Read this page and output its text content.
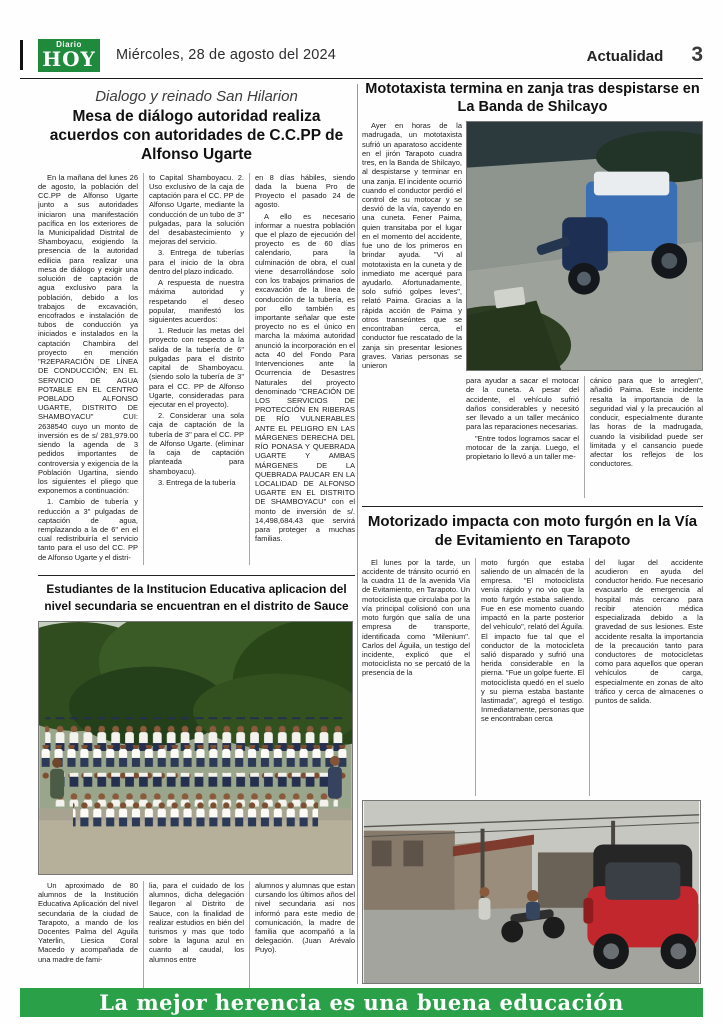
Diario
HOY Miércoles, 28 de agosto del 2024	Actualidad 3
Dialogo y reinado San Hilarion
Mesa de diálogo autoridad realiza acuerdos con autoridades de C.C.PP de Alfonso Ugarte

En la mañana del lunes 26 de agosto, la población del CC.PP de Alfonso Ugarte junto a sus autoridades iniciaron una manifestación pacífica en los exteriores de la Municipalidad Distrital de Shamboyacu, exigiendo la presencia de la autoridad edilicia para realizar una mesa de diálogo y exigir una solución de captación de agua exclusivo para la población, debido a los trabajos de excavación, encofrados e instalación de tubos de conducción ya iniciados e instalados en la captación Chambira del proyecto en mención "R2EPARACIÓN DE LÍNEA DE CONDUCCIÓN; EN EL SERVICIO DE AGUA POTABLE EN EL CENTRO POBLADO ALFONSO UGARTE, DISTRITO DE SHAMBOYACU" CUI: 2638540 cuyo un monto de inversión es de s/ 281,979.00 siendo la agenda de 3 pedidos importantes de controversia y exigencia de la Población Ugartina, siendo los siguientes el pliego que exponemos a continuación:

1. Cambio de tubería y reducción a 3" pulgadas de captación de agua, remplazando a la de 6" en el cual redistribuiría el servicio tanto para el uso del CC. PP de Alfonso Ugarte y el distri-

to Capital Shamboyacu. 2. Uso exclusivo de la caja de captación para el CC. PP de Alfonso Ugarte, mediante la conducción de un tubo de 3" pulgadas, para la solución del desabastecimiento y mejoras del servicio.

3. Entrega de tuberías para el inicio de la obra dentro del plazo indicado.

A respuesta de nuestra máxima autoridad y respetando el deseo popular, manifestó los siguientes acuerdos:

1. Reducir las metas del proyecto con respecto a la salida de la tubería de 6" pulgadas para el distrito capital de Shamboyacu. (siendo solo la tubería de 3" para el CC. PP de Alfonso Ugarte, consideradas para ejecutar en el proyecto).

2. Considerar una sola caja de captación de la tubería de 3" para el CC. PP de Alfonso Ugarte. (eliminar la caja de captación planteada para shamboyacu).

3. Entrega de la tubería

en 8 días hábiles, siendo dada la buena Pro de Proyecto el pasado 24 de agosto.

A ello es necesario informar a nuestra población que el plazo de ejecución del proyecto es de 60 días calendario, para la culminación de obra, el cual viene desarrollándose solo con los trabajos primarios de excavación de la línea de conducción de la tubería, es por ello también es importante señalar que este proyecto no es el único en marcha la máxima autoridad anunció la incorporación en el acta 40 del Fondo Para Intervenciones ante la Ocurrencia de Desastres Naturales del proyecto denominado "CREACIÓN DE LOS SERVICIOS DE PROTECCIÓN EN RIBERAS DE RÍO VULNERABLES ANTE EL PELIGRO EN LAS MÁRGENES DERECHA DEL RÍO PONASA Y QUEBRADA UGARTE Y AMBAS MÁRGENES DE LA QUEBRADA PAUCAR EN LA LOCALIDAD DE ALFONSO UGARTE EN EL DISTRITO DE SHAMBOYACU" con el monto de inversión de s/. 14,498,684.43 que servirá para proteger a muchas familias.

Estudiantes de la Institucion Educativa aplicacion del nivel secundaria se encuentran en el distrito de Sauce

Un aproximado de 80 alumnos de la Institución Educativa Aplicación del nivel secundaria de la ciudad de Tarapoto, a mando de los Docentes Palma del Aguila Yaterlin, Liesica Coral Macedo y acompañada de una madre de fami-

lia, para el cuidado de los alumnos, dicha delegación llegaron al Distrito de Sauce, con la finalidad de realizar estudios en bién del turismos y mas que todo sobre la laguna azul en cuanto al caudal, los alumnos entre

alumnos y alumnas que estan cursando los últimos años del nivel secundaria asi nos informó para este medio de comunicación, la madre de familia que acompañó a la delegación. (Juan Arévalo Puyo).

Mototaxista termina en zanja tras despistarse en La Banda de Shilcayo

Ayer en horas de la madrugada, un mototaxista sufrió un aparatoso accidente en el jirón Tarapoto cuadra tres, en la Banda de Shilcayo, al despistarse y terminar en una zanja. El incidente ocurrió cuando el conductor perdió el control de su motocar y se desvió de la vía, cayendo en una cuneta. Fener Paima, quien transitaba por el lugar en el momento del accidente, fue uno de los primeros en brindar ayuda. "Vi al mototaxista en la cuneta y de inmediato me acerqué para ayudarlo. Afortunadamente, solo sufrió golpes leves", relató Paima. Gracias a la rápida acción de Paima y otros transeúntes que se encontraban cerca, el conductor fue rescatado de la zanja sin presentar lesiones graves. Varias personas se unieron

para ayudar a sacar el motocar de la cuneta. A pesar del accidente, el vehículo sufrió daños considerables y necesitó ser llevado a un taller mecánico para las reparaciones necesarias.

"Entre todos logramos sacar el motocar de la zanja. Luego, el propietario lo llevó a un taller me-

cánico para que lo arreglen", añadió Paima. Este incidente resalta la importancia de la seguridad vial y la precaución al conducir, especialmente durante las horas de la madrugada, cuando la visibilidad puede ser limitada y el cansancio puede afectar los reflejos de los conductores.

Motorizado impacta con moto furgón en la Vía de Evitamiento en Tarapoto

El lunes por la tarde, un accidente de tránsito ocurrió en la cuadra 11 de la avenida Vía de Evitamiento, en Tarapoto. Un motociclista que circulaba por la vía principal colisionó con una moto furgón que salía de una empresa de transporte, identificada como "Milenium". Carlos del Águila, un testigo del incidente, explicó que el motociclista no se percató de la presencia de la

moto furgón que estaba saliendo de un almacén de la empresa. "El motociclista venía rápido y no vio que la moto furgón estaba saliendo. Fue en ese momento cuando impactó en la parte posterior del vehículo", relató del Águila. El impacto fue tal que el conductor de la motocicleta salió disparado y sufrió una herida considerable en la pierna. "Fue un golpe fuerte. El motociclista quedó en el suelo y su pierna estaba bastante lastimada", agregó el testigo. Inmediatamente, personas que se encontraban cerca

del lugar del accidente acudieron en ayuda del conductor herido. Fue necesario evacuarlo de emergencia al hospital más cercano para recibir atención médica especializada debido a la gravedad de sus lesiones. Este accidente resalta la importancia de la precaución tanto para conductores de motocicletas como para aquellos que operan vehículos de carga, especialmente en zonas de alto tráfico y cerca de almacenes o puntos de salida.

La mejor herencia es una buena educación
